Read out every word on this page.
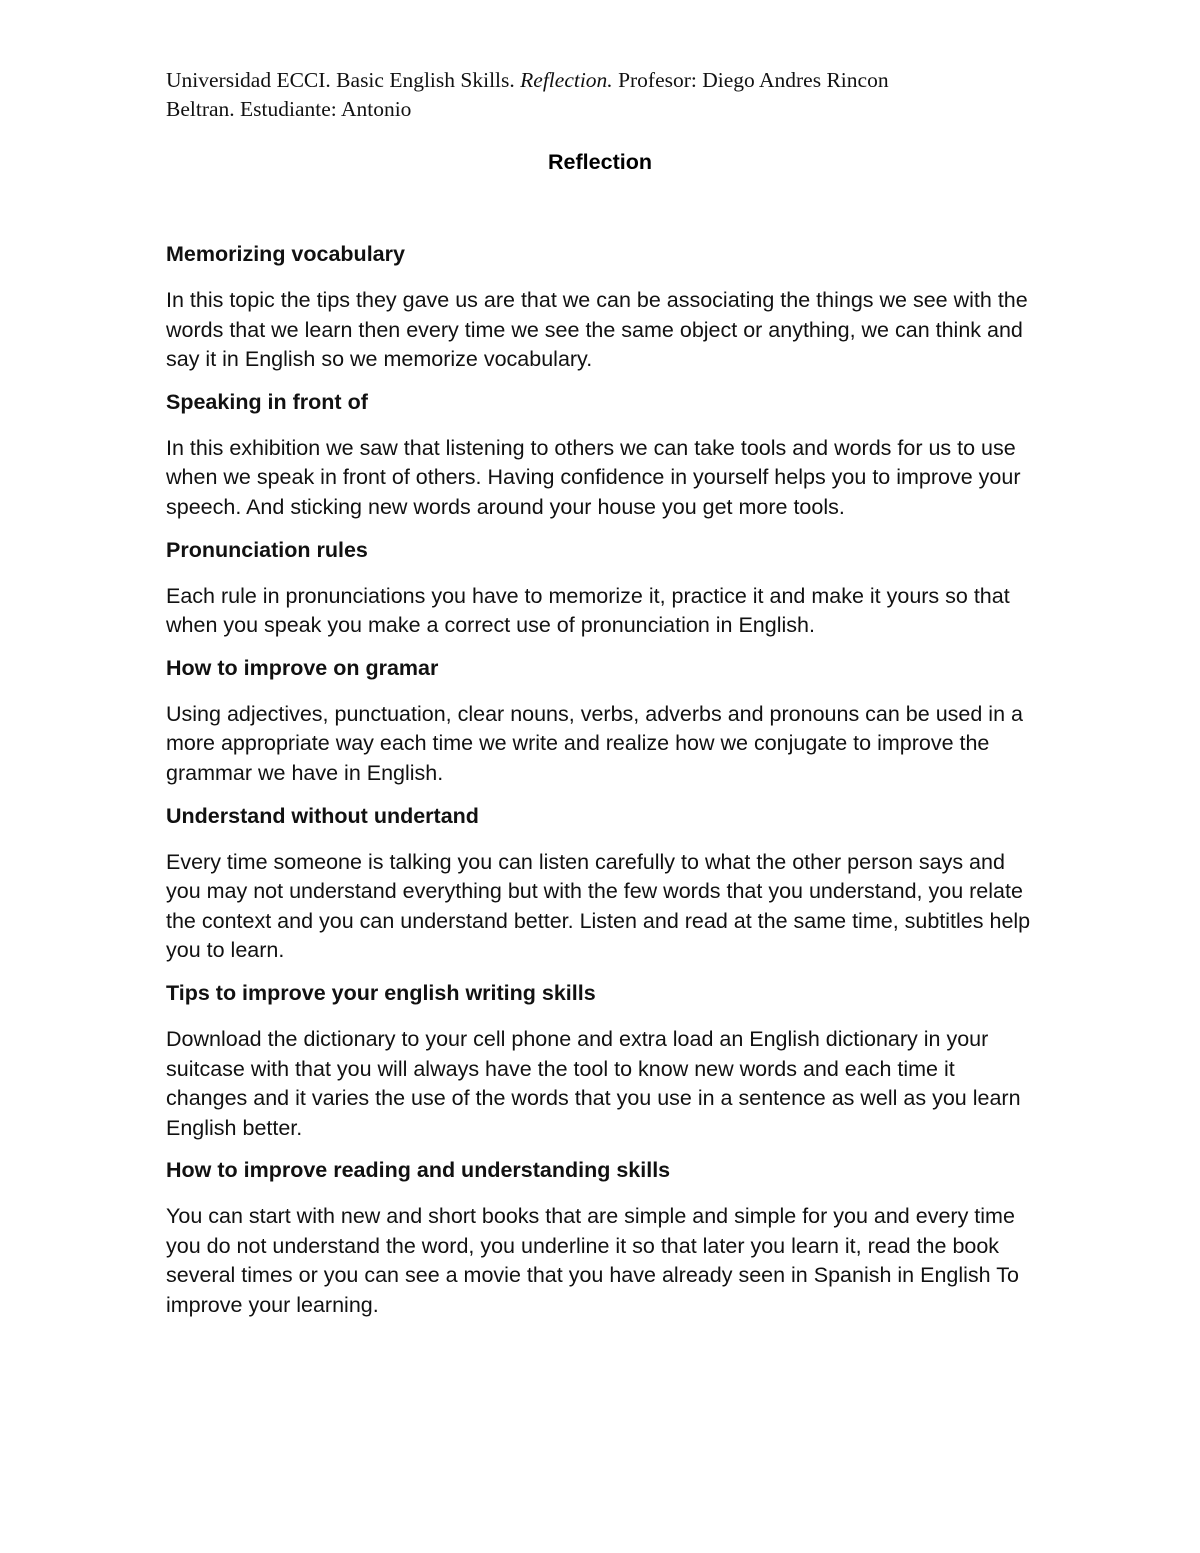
Universidad ECCI. Basic English Skills. Reflection. Profesor: Diego Andres Rincon
Beltran. Estudiante: Antonio
Reflection
Memorizing vocabulary
In this topic the tips they gave us are that we can be associating the things we see with the words that we learn then every time we see the same object or anything, we can think and say it in English so we memorize vocabulary.
Speaking in front of
In this exhibition we saw that listening to others we can take tools and words for us to use when we speak in front of others. Having confidence in yourself helps you to improve your speech. And sticking new words around your house you get more tools.
Pronunciation rules
Each rule in pronunciations you have to memorize it, practice it and make it yours so that when you speak you make a correct use of pronunciation in English.
How to improve on gramar
Using adjectives, punctuation, clear nouns, verbs, adverbs and pronouns can be used in a more appropriate way each time we write and realize how we conjugate to improve the grammar we have in English.
Understand without undertand
Every time someone is talking you can listen carefully to what the other person says and you may not understand everything but with the few words that you understand, you relate the context and you can understand better. Listen and read at the same time, subtitles help you to learn.
Tips to improve your english writing skills
Download the dictionary to your cell phone and extra load an English dictionary in your suitcase with that you will always have the tool to know new words and each time it changes and it varies the use of the words that you use in a sentence as well as you learn English better.
How to improve reading and understanding skills
You can start with new and short books that are simple and simple for you and every time you do not understand the word, you underline it so that later you learn it, read the book several times or you can see a movie that you have already seen in Spanish in English To improve your learning.
